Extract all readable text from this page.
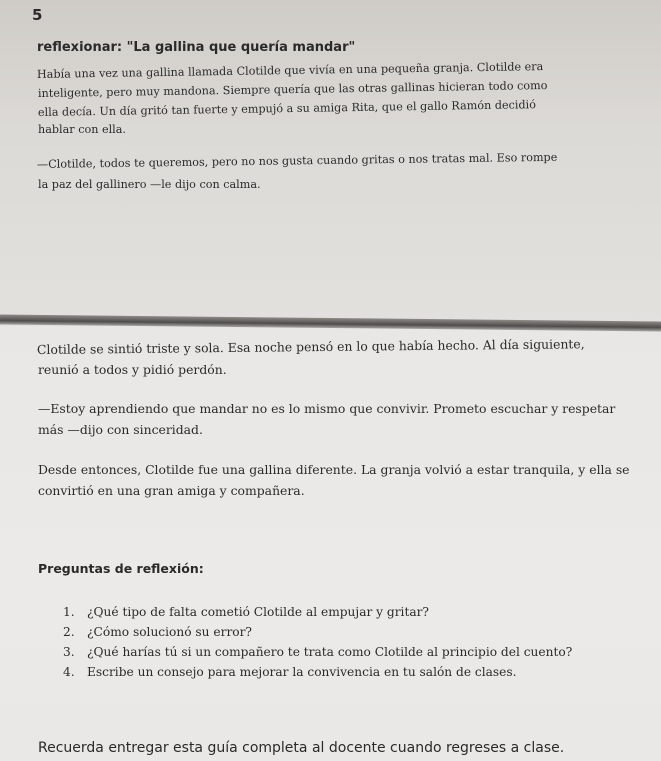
5
reflexionar: "La gallina que quería mandar"
Había una vez una gallina llamada Clotilde que vivía en una pequeña granja. Clotilde era
inteligente, pero muy mandona. Siempre quería que las otras gallinas hicieran todo como
ella decía. Un día gritó tan fuerte y empujó a su amiga Rita, que el gallo Ramón decidió
hablar con ella.
—Clotilde, todos te queremos, pero no nos gusta cuando gritas o nos tratas mal. Eso rompe
la paz del gallinero —le dijo con calma.
Clotilde se sintió triste y sola. Esa noche pensó en lo que había hecho. Al día siguiente,
reunió a todos y pidió perdón.
—Estoy aprendiendo que mandar no es lo mismo que convivir. Prometo escuchar y respetar
más —dijo con sinceridad.
Desde entonces, Clotilde fue una gallina diferente. La granja volvió a estar tranquila, y ella se
convirtió en una gran amiga y compañera.
Preguntas de reflexión:
1. ¿Qué tipo de falta cometió Clotilde al empujar y gritar?
2. ¿Cómo solucionó su error?
3. ¿Qué harías tú si un compañero te trata como Clotilde al principio del cuento?
4. Escribe un consejo para mejorar la convivencia en tu salón de clases.
Recuerda entregar esta guía completa al docente cuando regreses a clase.
